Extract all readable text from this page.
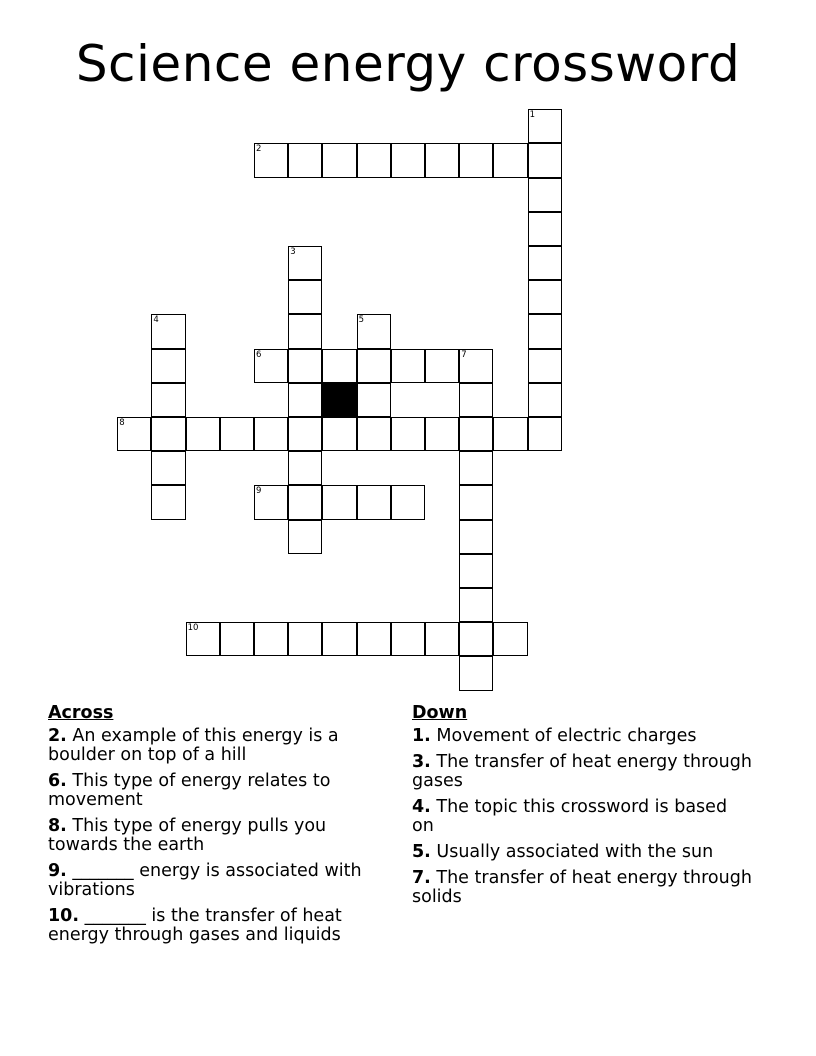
Science energy crossword
1
2
3
4	5
6	7
8
9
10
Across
2. An example of this energy is a boulder on top of a hill
6. This type of energy relates to movement
8. This type of energy pulls you towards the earth
9. _______ energy is associated with vibrations
10. _______ is the transfer of heat energy through gases and liquids
Down
1. Movement of electric charges
3. The transfer of heat energy through gases
4. The topic this crossword is based on
5. Usually associated with the sun
7. The transfer of heat energy through solids
